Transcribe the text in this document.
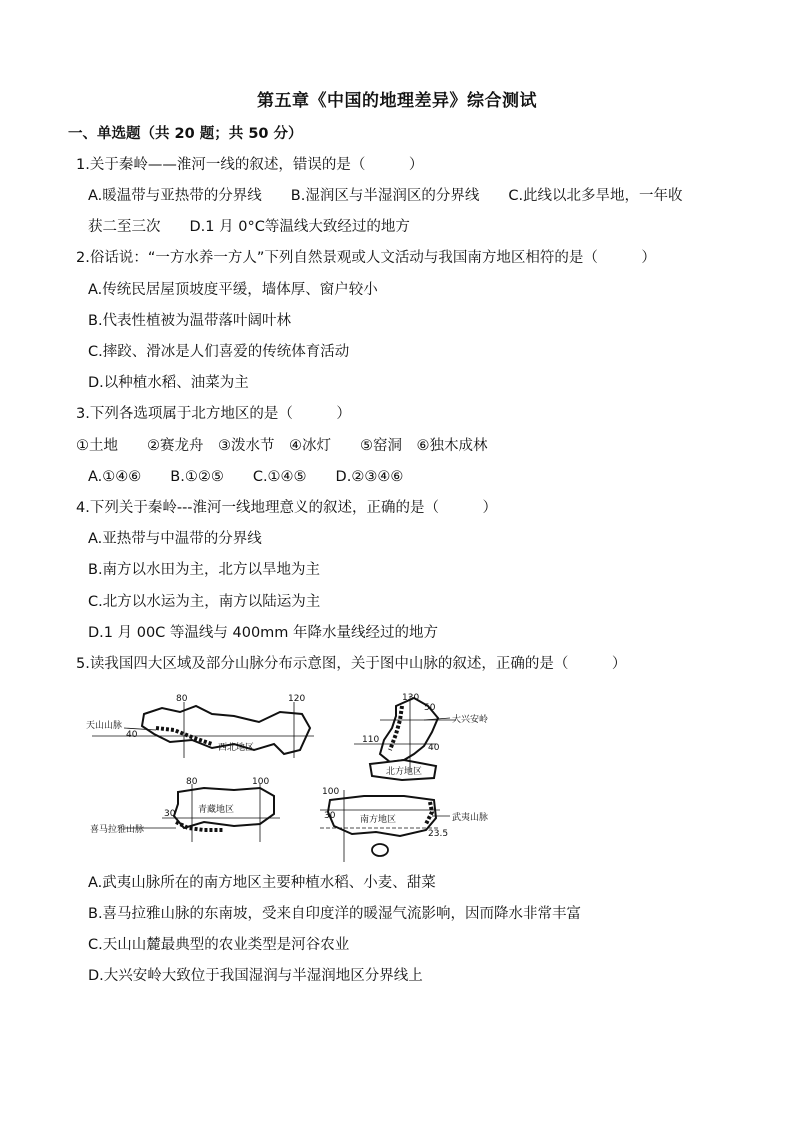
第五章《中国的地理差异》综合测试
一、单选题（共 20 题；共 50 分）
1.关于秦岭——淮河一线的叙述，错误的是（　　　）
A.暖温带与亚热带的分界线　　B.湿润区与半湿润区的分界线　　C.此线以北多旱地，一年收
获二至三次　　D.1 月 0°C等温线大致经过的地方
2.俗话说：“一方水养一方人”下列自然景观或人文活动与我国南方地区相符的是（　　　）
A.传统民居屋顶坡度平缓，墙体厚、窗户较小
B.代表性植被为温带落叶阔叶林
C.摔跤、滑冰是人们喜爱的传统体育活动
D.以种植水稻、油菜为主
3.下列各选项属于北方地区的是（　　　）
①土地　　②赛龙舟　③泼水节　④冰灯　　⑤窑洞　⑥独木成林
A.①④⑥　　B.①②⑤　　C.①④⑤　　D.②③④⑥
4.下列关于秦岭---淮河一线地理意义的叙述，正确的是（　　　）
A.亚热带与中温带的分界线
B.南方以水田为主，北方以旱地为主
C.北方以水运为主，南方以陆运为主
D.1 月 00C 等温线与 400mm 年降水量线经过的地方
5.读我国四大区域及部分山脉分布示意图，关于图中山脉的叙述，正确的是（　　　）
天山山脉
40
80	120
西北地区
130
50
110
40
大兴安岭
北方地区
80	100
30	青藏地区
喜马拉雅山脉
100
30
23.5
南方地区	武夷山脉
A.武夷山脉所在的南方地区主要种植水稻、小麦、甜菜
B.喜马拉雅山脉的东南坡，受来自印度洋的暖湿气流影响，因而降水非常丰富
C.天山山麓最典型的农业类型是河谷农业
D.大兴安岭大致位于我国湿润与半湿润地区分界线上
